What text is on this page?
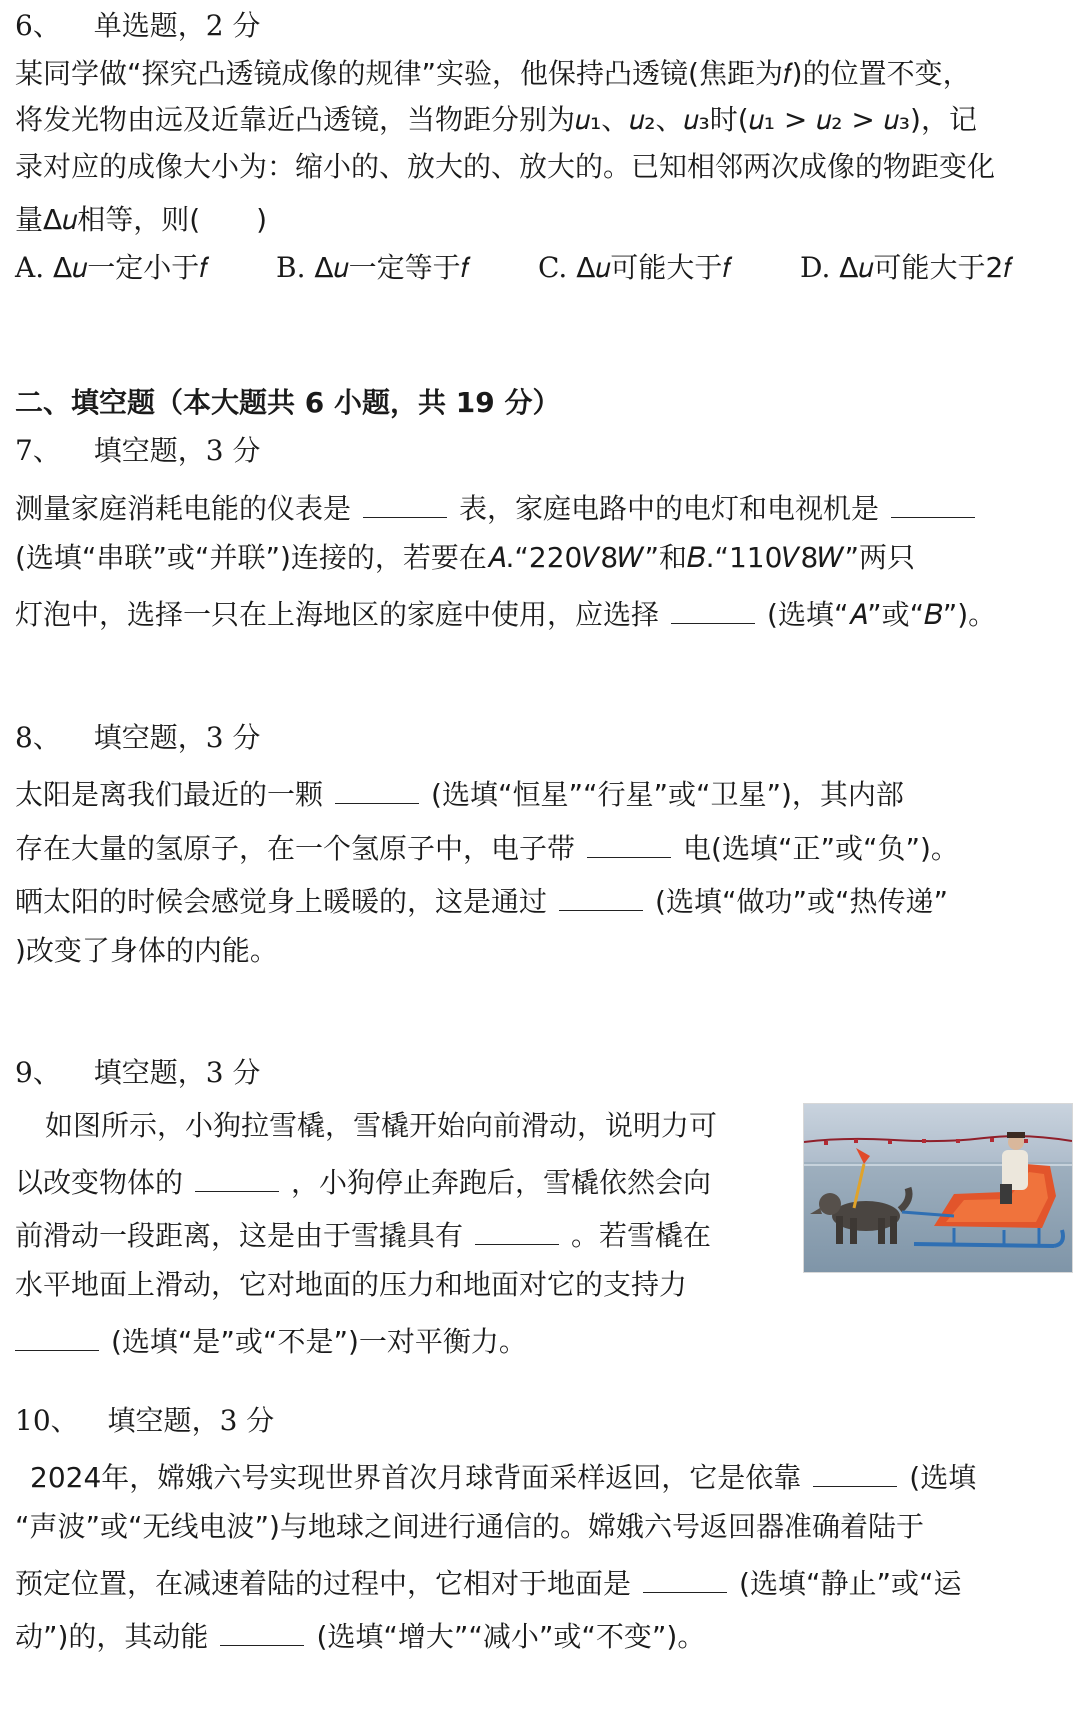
6、 单选题，2 分
某同学做“探究凸透镜成像的规律”实验，他保持凸透镜(焦距为𝑓)的位置不变，
将发光物由远及近靠近凸透镜，当物距分别为𝑢₁、𝑢₂、𝑢₃时(𝑢₁ > 𝑢₂ > 𝑢₃)，记
录对应的成像大小为：缩小的、放大的、放大的。已知相邻两次成像的物距变化
量Δ𝑢相等，则(　　)
A. Δ𝑢一定小于𝑓 B. Δ𝑢一定等于𝑓 C. Δ𝑢可能大于𝑓 D. Δ𝑢可能大于2𝑓
二、填空题（本大题共 6 小题，共 19 分）
7、 填空题，3 分
测量家庭消耗电能的仪表是	表，家庭电路中的电灯和电视机是
(选填“串联”或“并联”)连接的，若要在𝐴.“220𝑉8𝑊”和𝐵.“110𝑉8𝑊”两只
灯泡中，选择一只在上海地区的家庭中使用，应选择	(选填“𝐴”或“𝐵”)。
8、 填空题，3 分
太阳是离我们最近的一颗	(选填“恒星”“行星”或“卫星”)，其内部
存在大量的氢原子，在一个氢原子中，电子带	电(选填“正”或“负”)。
晒太阳的时候会感觉身上暖暖的，这是通过	(选填“做功”或“热传递”
)改变了身体的内能。
9、 填空题，3 分
如图所示，小狗拉雪橇，雪橇开始向前滑动，说明力可
以改变物体的	，小狗停止奔跑后，雪橇依然会向
前滑动一段距离，这是由于雪撬具有	。若雪橇在
水平地面上滑动，它对地面的压力和地面对它的支持力
(选填“是”或“不是”)一对平衡力。
10、 填空题，3 分
2024年，嫦娥六号实现世界首次月球背面采样返回，它是依靠	(选填
“声波”或“无线电波”)与地球之间进行通信的。嫦娥六号返回器准确着陆于
预定位置，在减速着陆的过程中，它相对于地面是	(选填“静止”或“运
动”)的，其动能	(选填“增大”“减小”或“不变”)。
